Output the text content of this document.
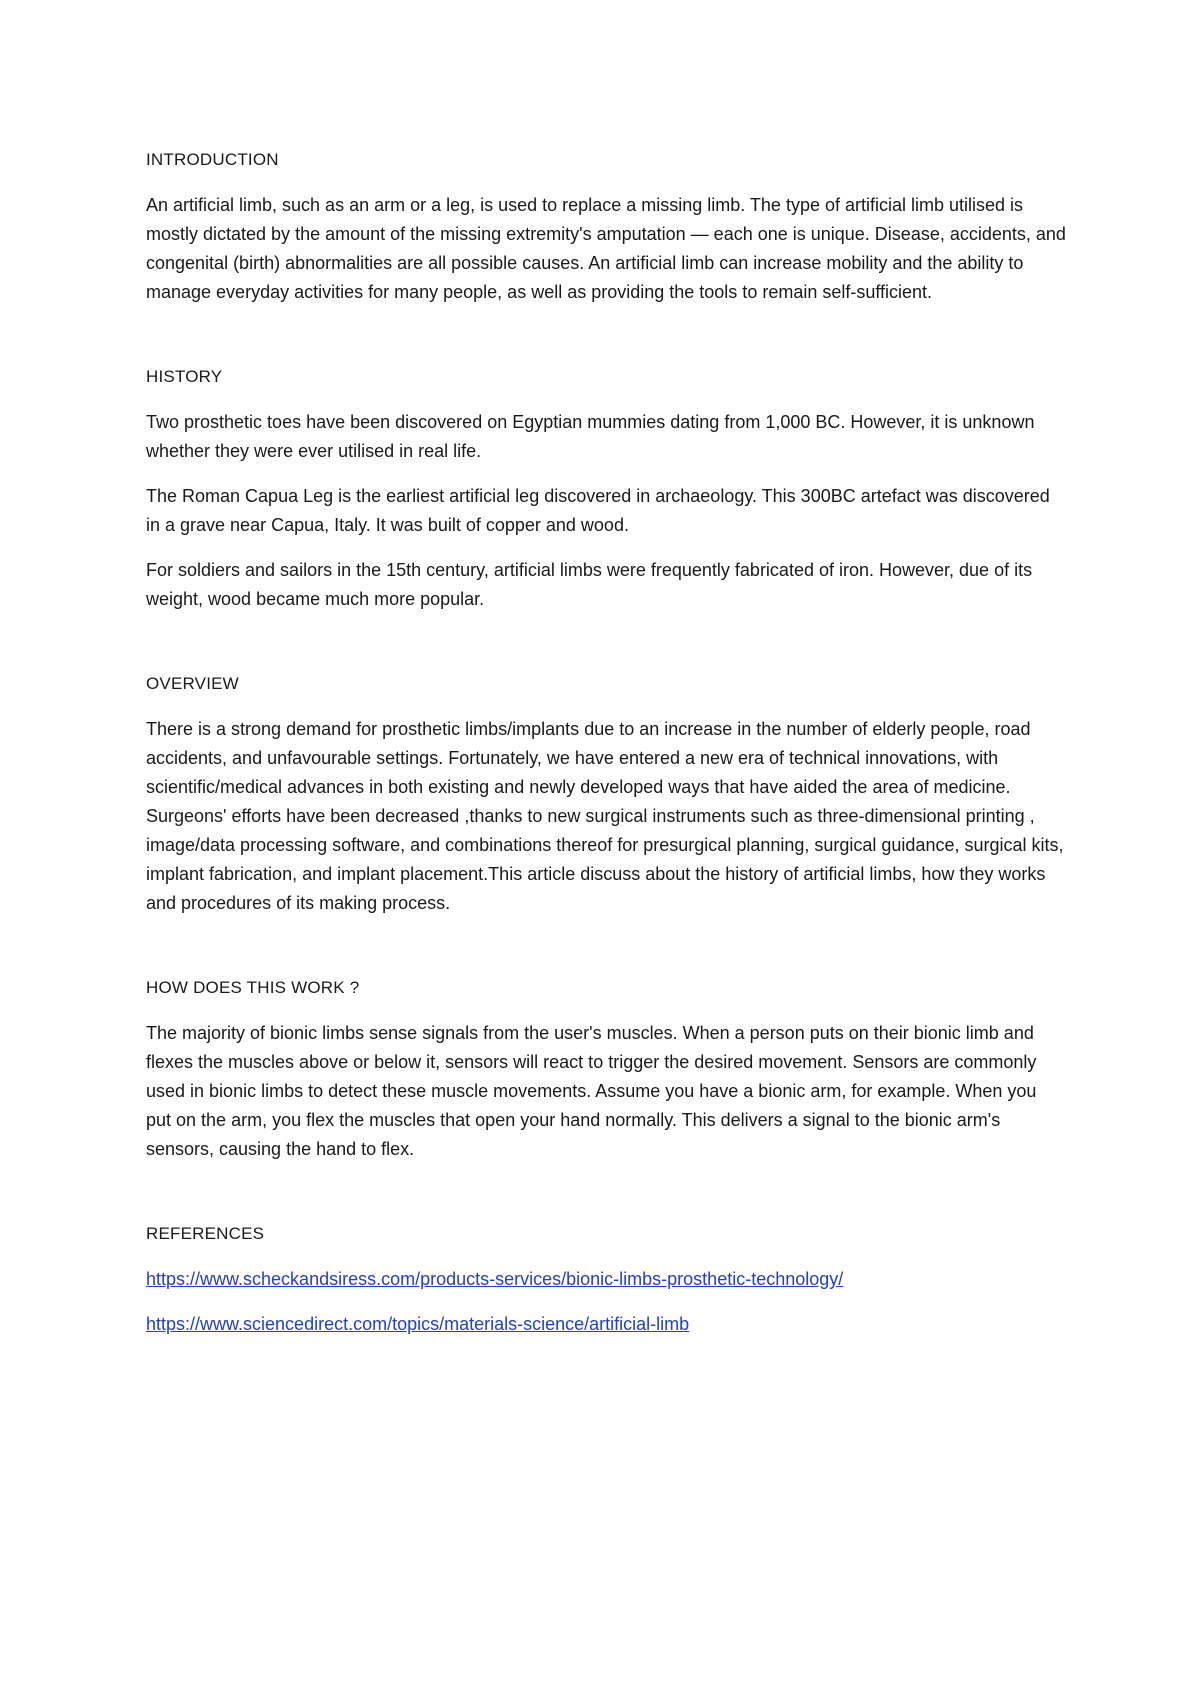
INTRODUCTION

An artificial limb, such as an arm or a leg, is used to replace a missing limb. The type of artificial limb utilised is mostly dictated by the amount of the missing extremity's amputation — each one is unique. Disease, accidents, and congenital (birth) abnormalities are all possible causes. An artificial limb can increase mobility and the ability to manage everyday activities for many people, as well as providing the tools to remain self-sufficient.

HISTORY

Two prosthetic toes have been discovered on Egyptian mummies dating from 1,000 BC. However, it is unknown whether they were ever utilised in real life.

The Roman Capua Leg is the earliest artificial leg discovered in archaeology. This 300BC artefact was discovered in a grave near Capua, Italy. It was built of copper and wood.

For soldiers and sailors in the 15th century, artificial limbs were frequently fabricated of iron. However, due of its weight, wood became much more popular.

OVERVIEW

There is a strong demand for prosthetic limbs/implants due to an increase in the number of elderly people, road accidents, and unfavourable settings. Fortunately, we have entered a new era of technical innovations, with scientific/medical advances in both existing and newly developed ways that have aided the area of medicine. Surgeons' efforts have been decreased ,thanks to new surgical instruments such as three-dimensional printing , image/data processing software, and combinations thereof for presurgical planning, surgical guidance, surgical kits, implant fabrication, and implant placement.This article discuss about the history of artificial limbs, how they works and procedures of its making process.

HOW DOES THIS WORK ?

The majority of bionic limbs sense signals from the user's muscles. When a person puts on their bionic limb and flexes the muscles above or below it, sensors will react to trigger the desired movement. Sensors are commonly used in bionic limbs to detect these muscle movements. Assume you have a bionic arm, for example. When you put on the arm, you flex the muscles that open your hand normally. This delivers a signal to the bionic arm's sensors, causing the hand to flex.

REFERENCES
https://www.scheckandsiress.com/products-services/bionic-limbs-prosthetic-technology/
https://www.sciencedirect.com/topics/materials-science/artificial-limb
